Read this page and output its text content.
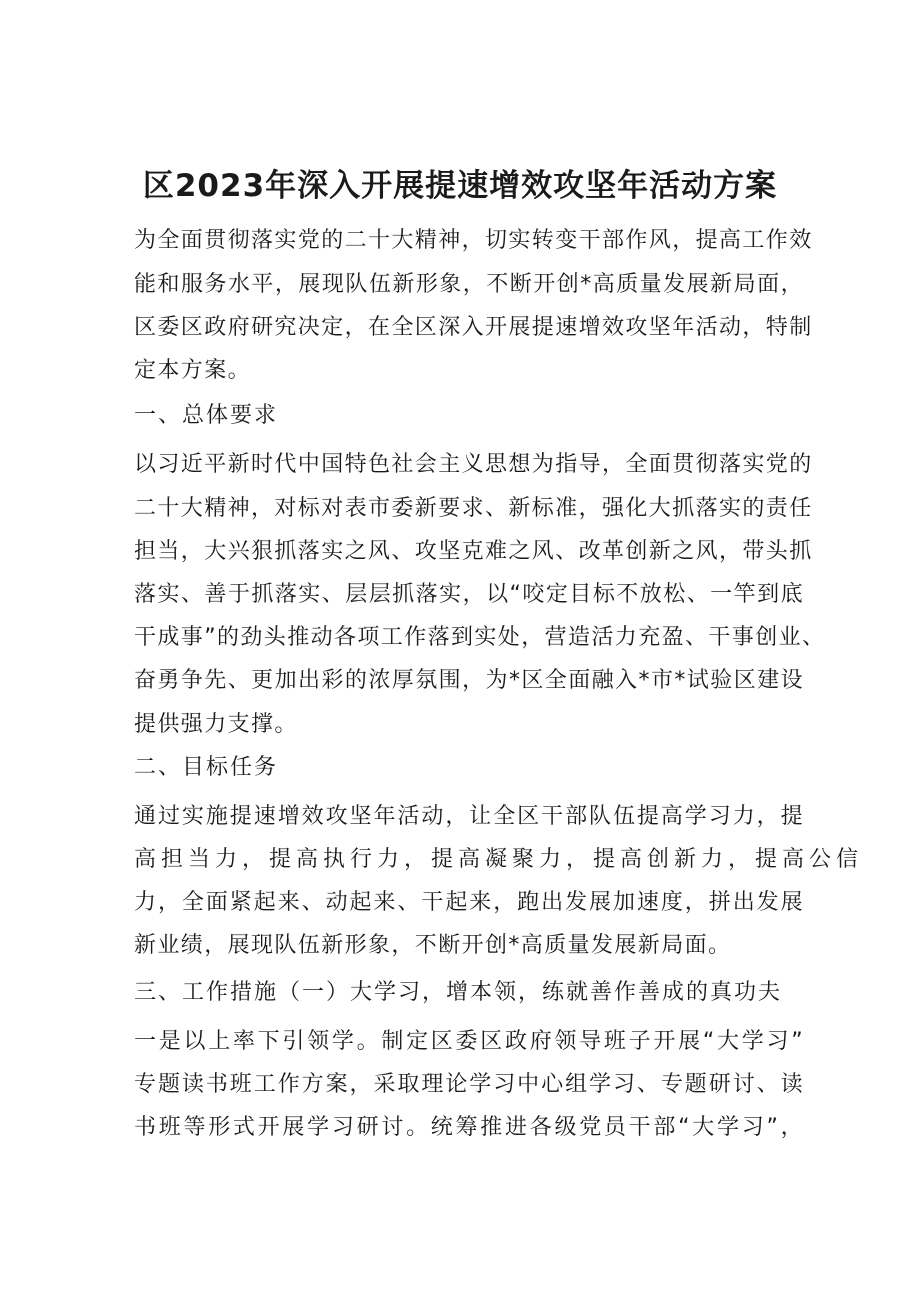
区2023年深入开展提速增效攻坚年活动方案

为全面贯彻落实党的二十大精神，切实转变干部作风，提高工作效

能和服务水平，展现队伍新形象，不断开创*高质量发展新局面，

区委区政府研究决定，在全区深入开展提速增效攻坚年活动，特制

定本方案。

一、总体要求

以习近平新时代中国特色社会主义思想为指导，全面贯彻落实党的

二十大精神，对标对表市委新要求、新标准，强化大抓落实的责任

担当，大兴狠抓落实之风、攻坚克难之风、改革创新之风，带头抓

落实、善于抓落实、层层抓落实，以“咬定目标不放松、一竿到底

干成事”的劲头推动各项工作落到实处，营造活力充盈、干事创业、

奋勇争先、更加出彩的浓厚氛围，为*区全面融入*市*试验区建设

提供强力支撑。

二、目标任务

通过实施提速增效攻坚年活动，让全区干部队伍提高学习力，提

高担当力，提高执行力，提高凝聚力，提高创新力，提高公信

力，全面紧起来、动起来、干起来，跑出发展加速度，拼出发展

新业绩，展现队伍新形象，不断开创*高质量发展新局面。

三、工作措施（一）大学习，增本领，练就善作善成的真功夫

一是以上率下引领学。制定区委区政府领导班子开展“大学习”

专题读书班工作方案，采取理论学习中心组学习、专题研讨、读

书班等形式开展学习研讨。统筹推进各级党员干部“大学习”，
